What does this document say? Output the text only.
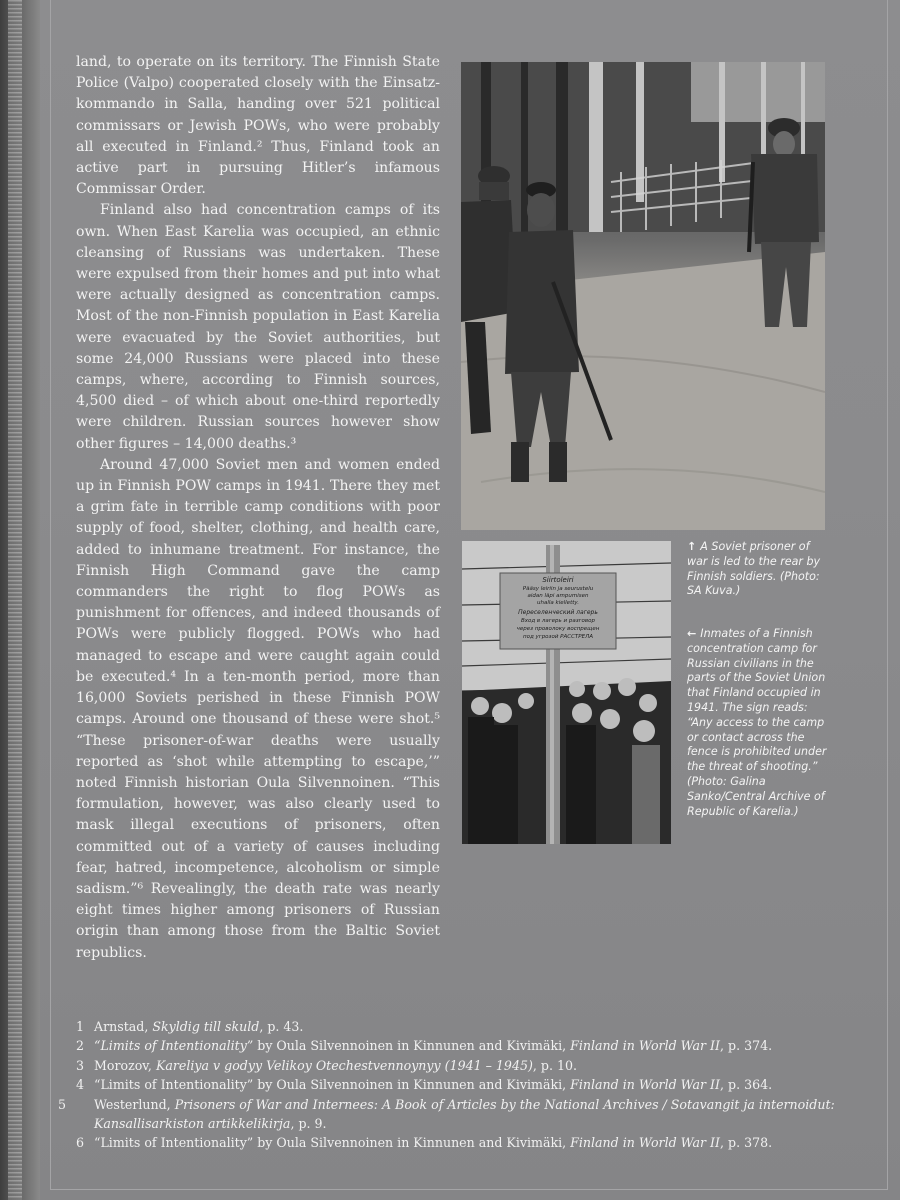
land, to operate on its territory. The Finnish State Police (Valpo) cooperated closely with the Einsatzkommando in Salla, handing over 521 political commissars or Jewish POWs, who were probably all executed in Finland.² Thus, Finland took an active part in pursuing Hitler’s infamous Commissar Order.

Finland also had concentration camps of its own. When East Karelia was occupied, an ethnic cleansing of Russians was undertaken. These were expulsed from their homes and put into what were actually designed as concentration camps. Most of the non-Finnish population in East Karelia were evacuated by the Soviet authorities, but some 24,000 Russians were placed into these camps, where, according to Finnish sources, 4,500 died – of which about one-third reportedly were children. Russian sources however show other figures – 14,000 deaths.³

Around 47,000 Soviet men and women ended up in Finnish POW camps in 1941. There they met a grim fate in terrible camp conditions with poor supply of food, shelter, clothing, and health care, added to inhumane treatment. For instance, the Finnish High Command gave the camp commanders the right to flog POWs as punishment for offences, and indeed thousands of POWs were publicly flogged. POWs who had managed to escape and were caught again could be executed.⁴ In a ten-month period, more than 16,000 Soviets perished in these Finnish POW camps. Around one thousand of these were shot.⁵ “These prisoner-of-war deaths were usually reported as ‘shot while attempting to escape,’” noted Finnish historian Oula Silvennoinen. “This formulation, however, was also clearly used to mask illegal executions of prisoners, often committed out of a variety of causes including fear, hatred, incompetence, alcoholism or simple sadism.”⁶ Revealingly, the death rate was nearly eight times higher among prisoners of Russian origin than among those from the Baltic Soviet republics.

Siirtoleiri
Pääsy leiriin ja seurustelu
aidan läpi ampumisen
uhalla kielletty.
Переселенческий лагерь
Вход в лагерь и разговор
через проволоку воспрещен
под угрозой РАССТРЕЛА
↑ A Soviet prisoner of war is led to the rear by Finnish soldiers. (Photo: SA Kuva.)
← Inmates of a Finnish concentration camp for Russian civilians in the parts of the Soviet Union that Finland occupied in 1941. The sign reads: “Any access to the camp or contact across the fence is prohibited under the threat of shooting.” (Photo: Galina Sanko/Central Archive of Republic of Karelia.)
1 Arnstad, Skyldig till skuld, p. 43.
2 “Limits of Intentionality” by Oula Silvennoinen in Kinnunen and Kivimäki, Finland in World War II, p. 374.
3 Morozov, Kareliya v godyy Velikoy Otechestvennoynyy (1941 – 1945), p. 10.
4 “Limits of Intentionality” by Oula Silvennoinen in Kinnunen and Kivimäki, Finland in World War II, p. 364.
5 Westerlund, Prisoners of War and Internees: A Book of Articles by the National Archives / Sotavangit ja internoidut: Kansallisarkiston artikkelikirja, p. 9.
6 “Limits of Intentionality” by Oula Silvennoinen in Kinnunen and Kivimäki, Finland in World War II, p. 378.
